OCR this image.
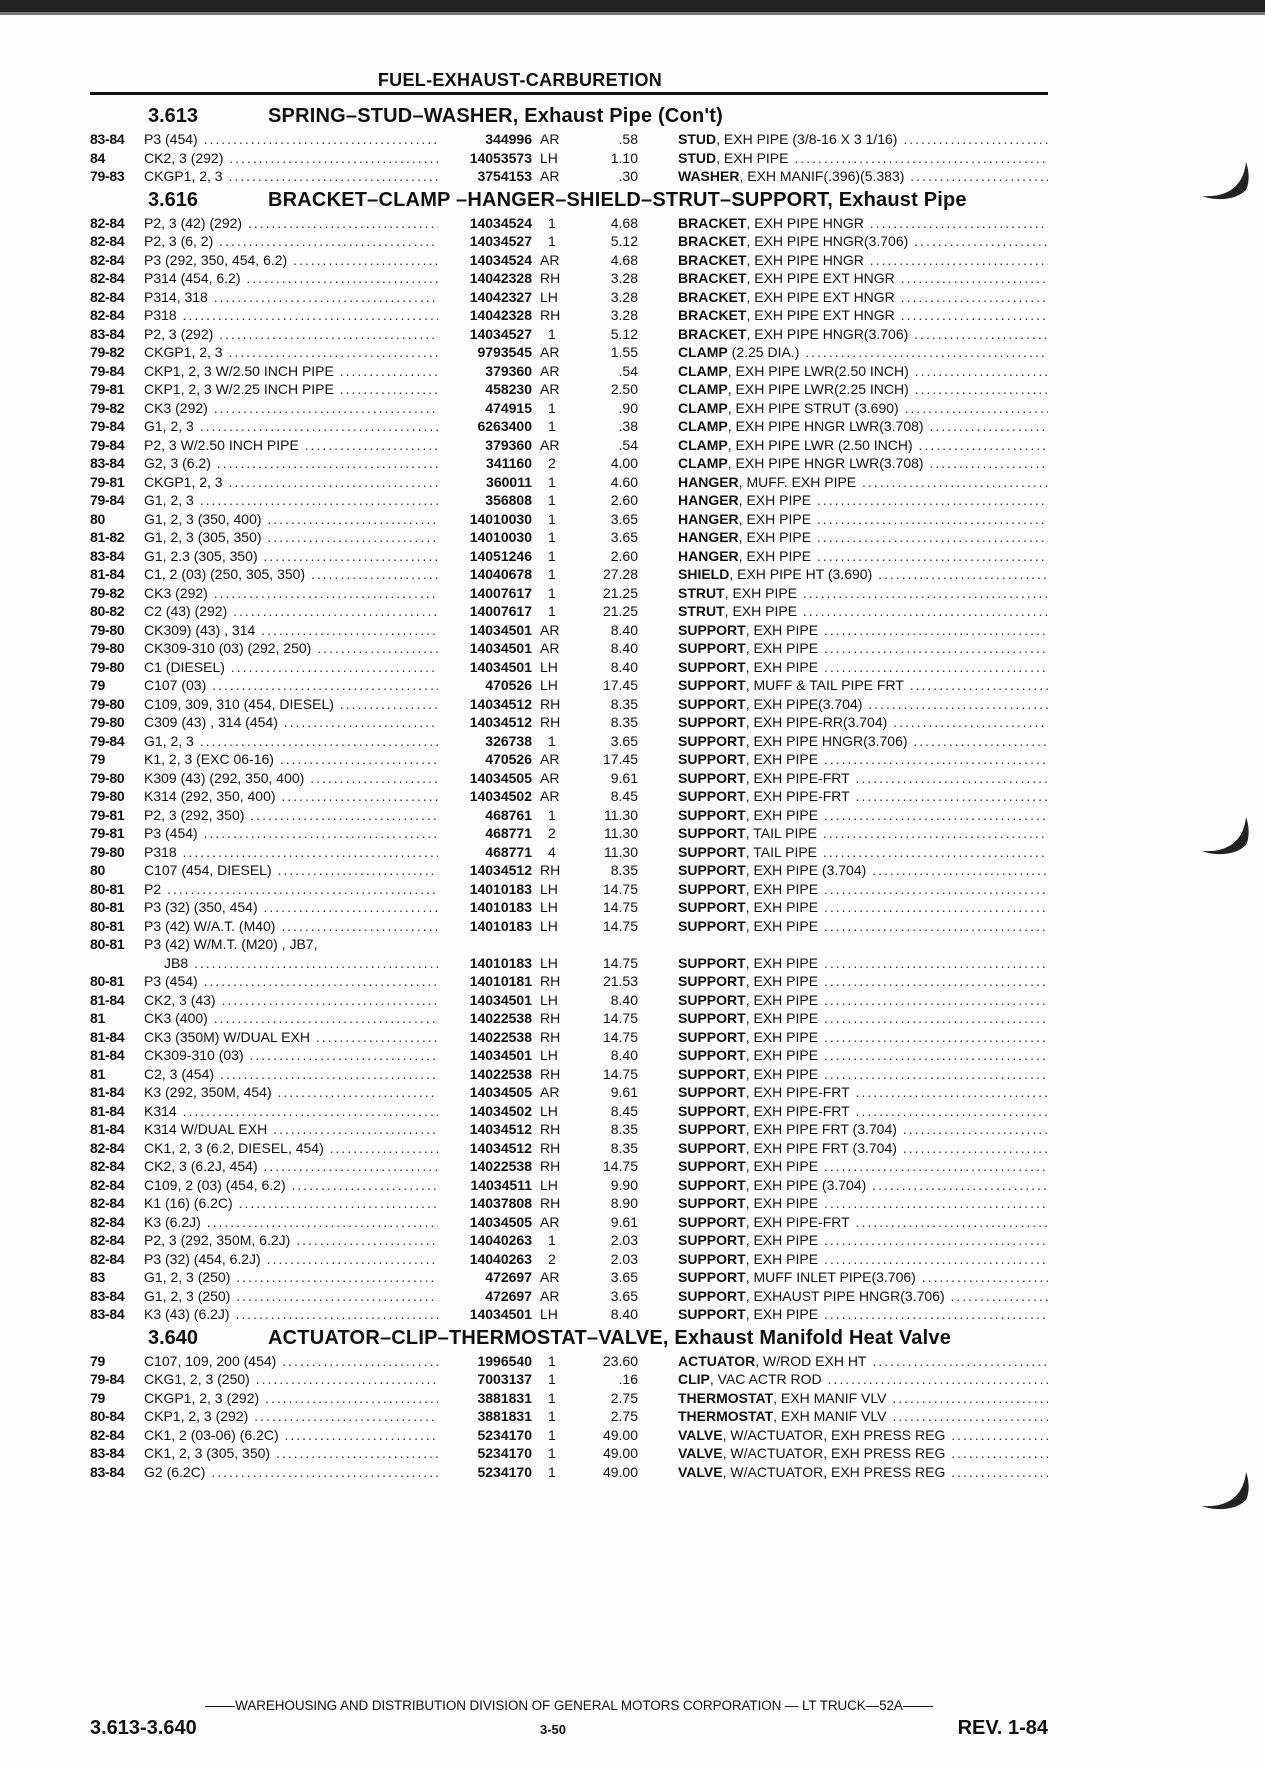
FUEL-EXHAUST-CARBURETION
3.613	SPRING–STUD–WASHER, Exhaust Pipe (Con't)
83-84	P3 (454) .....	344996 AR	.58	STUD, EXH PIPE (3/8-16 X 3 1/16) .....
84	CK2, 3 (292) .....	14053573 LH	1.10	STUD, EXH PIPE .....
79-83	CKGP1, 2, 3 .....	3754153 AR	.30	WASHER, EXH MANIF(.396)(5.383) .....
3.616	BRACKET–CLAMP –HANGER–SHIELD–STRUT–SUPPORT, Exhaust Pipe
82-84	P2, 3 (42) (292) .....	14034524	1	4.68	BRACKET, EXH PIPE HNGR .....
82-84	P2, 3 (6, 2) .....	14034527	1	5.12	BRACKET, EXH PIPE HNGR(3.706) .....
82-84	P3 (292, 350, 454, 6.2) .....	14034524 AR	4.68	BRACKET, EXH PIPE HNGR .....
82-84	P314 (454, 6.2) .....	14042328 RH	3.28	BRACKET, EXH PIPE EXT HNGR .....
82-84	P314, 318 .....	14042327 LH	3.28	BRACKET, EXH PIPE EXT HNGR .....
82-84	P318 .....	14042328 RH	3.28	BRACKET, EXH PIPE EXT HNGR .....
83-84	P2, 3 (292) .....	14034527	1	5.12	BRACKET, EXH PIPE HNGR(3.706) .....
79-82	CKGP1, 2, 3 .....	9793545 AR	1.55	CLAMP (2.25 DIA.) .....
79-84	CKP1, 2, 3 W/2.50 INCH PIPE .....	379360 AR	.54	CLAMP, EXH PIPE LWR(2.50 INCH) .....
79-81	CKP1, 2, 3 W/2.25 INCH PIPE .....	458230 AR	2.50	CLAMP, EXH PIPE LWR(2.25 INCH) .....
79-82	CK3 (292) .....	474915	1	.90	CLAMP, EXH PIPE STRUT (3.690) .....
79-84	G1, 2, 3 .....	6263400	1	.38	CLAMP, EXH PIPE HNGR LWR(3.708) .....
79-84	P2, 3 W/2.50 INCH PIPE .....	379360 AR	.54	CLAMP, EXH PIPE LWR (2.50 INCH) .....
83-84	G2, 3 (6.2) .....	341160	2	4.00	CLAMP, EXH PIPE HNGR LWR(3.708) .....
79-81	CKGP1, 2, 3 .....	360011	1	4.60	HANGER, MUFF. EXH PIPE .....
79-84	G1, 2, 3 .....	356808	1	2.60	HANGER, EXH PIPE .....
80	G1, 2, 3 (350, 400) .....	14010030	1	3.65	HANGER, EXH PIPE .....
81-82	G1, 2, 3 (305, 350) .....	14010030	1	3.65	HANGER, EXH PIPE .....
83-84	G1, 2.3 (305, 350) .....	14051246	1	2.60	HANGER, EXH PIPE .....
81-84	C1, 2 (03) (250, 305, 350) .....	14040678	1	27.28	SHIELD, EXH PIPE HT (3.690) .....
79-82	CK3 (292) .....	14007617	1	21.25	STRUT, EXH PIPE .....
80-82	C2 (43) (292) .....	14007617	1	21.25	STRUT, EXH PIPE .....
79-80	CK309) (43) , 314 .....	14034501 AR	8.40	SUPPORT, EXH PIPE .....
79-80	CK309-310 (03) (292, 250) .....	14034501 AR	8.40	SUPPORT, EXH PIPE .....
79-80	C1 (DIESEL) .....	14034501 LH	8.40	SUPPORT, EXH PIPE .....
79	C107 (03) .....	470526 LH	17.45	SUPPORT, MUFF & TAIL PIPE FRT .....
79-80	C109, 309, 310 (454, DIESEL) .....	14034512 RH	8.35	SUPPORT, EXH PIPE(3.704) .....
79-80	C309 (43) , 314 (454) .....	14034512 RH	8.35	SUPPORT, EXH PIPE-RR(3.704) .....
79-84	G1, 2, 3 .....	326738	1	3.65	SUPPORT, EXH PIPE HNGR(3.706) .....
79	K1, 2, 3 (EXC 06-16) .....	470526 AR	17.45	SUPPORT, EXH PIPE .....
79-80	K309 (43) (292, 350, 400) .....	14034505 AR	9.61	SUPPORT, EXH PIPE-FRT .....
79-80	K314 (292, 350, 400) .....	14034502 AR	8.45	SUPPORT, EXH PIPE-FRT .....
79-81	P2, 3 (292, 350) .....	468761	1	11.30	SUPPORT, EXH PIPE .....
79-81	P3 (454) .....	468771	2	11.30	SUPPORT, TAIL PIPE .....
79-80	P318 .....	468771	4	11.30	SUPPORT, TAIL PIPE .....
80	C107 (454, DIESEL) .....	14034512 RH	8.35	SUPPORT, EXH PIPE (3.704) .....
80-81	P2 .....	14010183 LH	14.75	SUPPORT, EXH PIPE .....
80-81	P3 (32) (350, 454) .....	14010183 LH	14.75	SUPPORT, EXH PIPE .....
80-81	P3 (42) W/A.T. (M40) .....	14010183 LH	14.75	SUPPORT, EXH PIPE .....
80-81	P3 (42) W/M.T. (M20) , JB7,
JB8 .....	14010183 LH	14.75	SUPPORT, EXH PIPE .....
80-81	P3 (454) .....	14010181 RH	21.53	SUPPORT, EXH PIPE .....
81-84	CK2, 3 (43) .....	14034501 LH	8.40	SUPPORT, EXH PIPE .....
81	CK3 (400) .....	14022538 RH	14.75	SUPPORT, EXH PIPE .....
81-84	CK3 (350M) W/DUAL EXH .....	14022538 RH	14.75	SUPPORT, EXH PIPE .....
81-84	CK309-310 (03) .....	14034501 LH	8.40	SUPPORT, EXH PIPE .....
81	C2, 3 (454) .....	14022538 RH	14.75	SUPPORT, EXH PIPE .....
81-84	K3 (292, 350M, 454) .....	14034505 AR	9.61	SUPPORT, EXH PIPE-FRT .....
81-84	K314 .....	14034502 LH	8.45	SUPPORT, EXH PIPE-FRT .....
81-84	K314 W/DUAL EXH .....	14034512 RH	8.35	SUPPORT, EXH PIPE FRT (3.704) .....
82-84	CK1, 2, 3 (6.2, DIESEL, 454) .....	14034512 RH	8.35	SUPPORT, EXH PIPE FRT (3.704) .....
82-84	CK2, 3 (6.2J, 454) .....	14022538 RH	14.75	SUPPORT, EXH PIPE .....
82-84	C109, 2 (03) (454, 6.2) .....	14034511 LH	9.90	SUPPORT, EXH PIPE (3.704) .....
82-84	K1 (16) (6.2C) .....	14037808 RH	8.90	SUPPORT, EXH PIPE .....
82-84	K3 (6.2J) .....	14034505 AR	9.61	SUPPORT, EXH PIPE-FRT .....
82-84	P2, 3 (292, 350M, 6.2J) .....	14040263	1	2.03	SUPPORT, EXH PIPE .....
82-84	P3 (32) (454, 6.2J) .....	14040263	2	2.03	SUPPORT, EXH PIPE .....
83	G1, 2, 3 (250) .....	472697 AR	3.65	SUPPORT, MUFF INLET PIPE(3.706) .....
83-84	G1, 2, 3 (250) .....	472697 AR	3.65	SUPPORT, EXHAUST PIPE HNGR(3.706) .....
83-84	K3 (43) (6.2J) .....	14034501 LH	8.40	SUPPORT, EXH PIPE .....
3.640	ACTUATOR–CLIP–THERMOSTAT–VALVE, Exhaust Manifold Heat Valve
79	C107, 109, 200 (454) .....	1996540	1	23.60	ACTUATOR, W/ROD EXH HT .....
79-84	CKG1, 2, 3 (250) .....	7003137	1	.16	CLIP, VAC ACTR ROD .....
79	CKGP1, 2, 3 (292) .....	3881831	1	2.75	THERMOSTAT, EXH MANIF VLV .....
80-84	CKP1, 2, 3 (292) .....	3881831	1	2.75	THERMOSTAT, EXH MANIF VLV .....
82-84	CK1, 2 (03-06) (6.2C) .....	5234170	1	49.00	VALVE, W/ACTUATOR, EXH PRESS REG .....
83-84	CK1, 2, 3 (305, 350) .....	5234170	1	49.00	VALVE, W/ACTUATOR, EXH PRESS REG .....
83-84	G2 (6.2C) .....	5234170	1	49.00	VALVE, W/ACTUATOR, EXH PRESS REG .....
WAREHOUSING AND DISTRIBUTION DIVISION OF GENERAL MOTORS CORPORATION — LT TRUCK—52A
3.613-3.640	3-50	REV. 1-84
